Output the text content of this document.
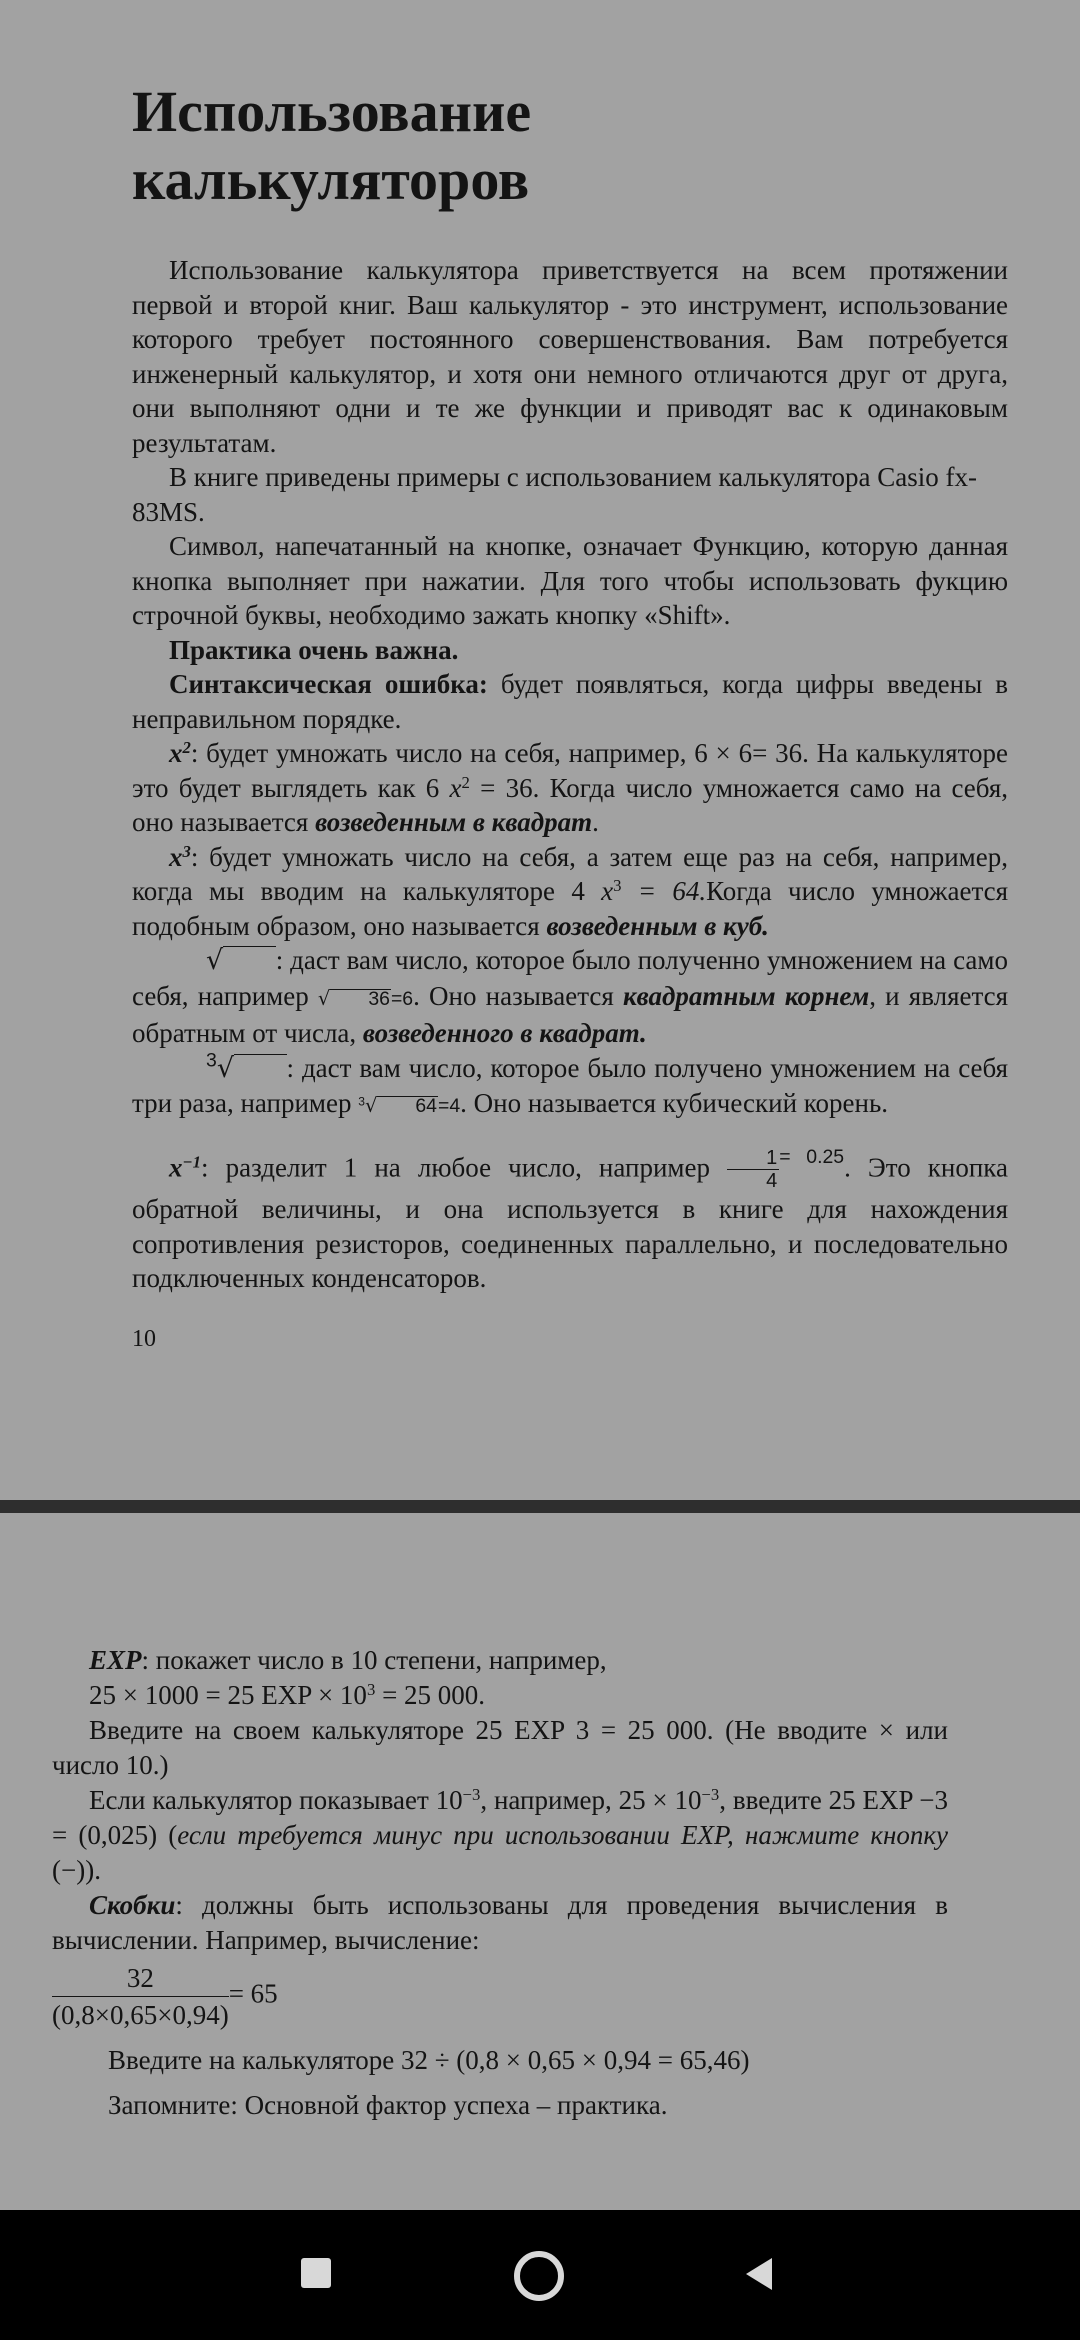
Использование
калькуляторов

Использование калькулятора приветствуется на всем протяжении первой и второй книг. Ваш калькулятор - это инструмент, использование которого требует постоянного совершенствования. Вам потребуется инженерный калькулятор, и хотя они немного отличаются друг от друга, они выполняют одни и те же функции и приводят вас к одинаковым результатам.

В книге приведены примеры с использованием калькулятора Casio fx-83MS.

Символ, напечатанный на кнопке, означает Функцию, которую данная кнопка выполняет при нажатии. Для того чтобы использовать фукцию строчной буквы, необходимо зажать кнопку «Shift».

Практика очень важна.

Синтаксическая ошибка: будет появляться, когда цифры введены в неправильном порядке.

$x^2$: будет умножать число на себя, например, 6 × 6= 36. На калькуляторе это будет выглядеть как 6 $x^2 = 36$. Когда число умножается само на себя, оно называется возведенным в квадрат.

$x^3$: будет умножать число на себя, а затем еще раз на себя, например, когда мы вводим на калькуляторе 4 $x^3$ = 64.Когда число умножается подобным образом, оно называется возведенным в куб.

√ : даст вам число, которое было полученно умножением на само себя, например √ 36=6. Оно называется квадратным корнем, и является обратным от числа, возведенного в квадрат.

$^3$√ : даст вам число, которое было получено умножением на себя три раза, например $^3$√ 64=4. Оно называется кубический корень.

$x^{-1}$: разделит 1 на любое число, например $\frac{1}{4} ^{= 0.25}$. Это кнопка обратной величины, и она используется в книге для нахождения сопротивления резисторов, соединенных параллельно, и последовательно подключенных конденсаторов.

10

EXP: покажет число в 10 степени, например,
25 × 1000 = 25 EXP × $10^3 = 25$ 000.

Введите на своем калькуляторе 25 EXP 3 = 25 000. (Не вводите × или число 10.)

Если калькулятор показывает $10^{-3}$, например, $25 \times 10^{-3}$, введите 25 EXP −3 = (0,025) (если требуется минус при использовании EXP, нажмите кнопку (−)).

Скобки: должны быть использованы для проведения вычисления в вычислении. Например, вычисление:

$\frac{32}{(0,8\times 0,65\times 0,94)} = 65$

Введите на калькуляторе 32 ÷ (0,8 × 0,65 × 0,94 = 65,46)

Запомните: Основной фактор успеха – практика.
